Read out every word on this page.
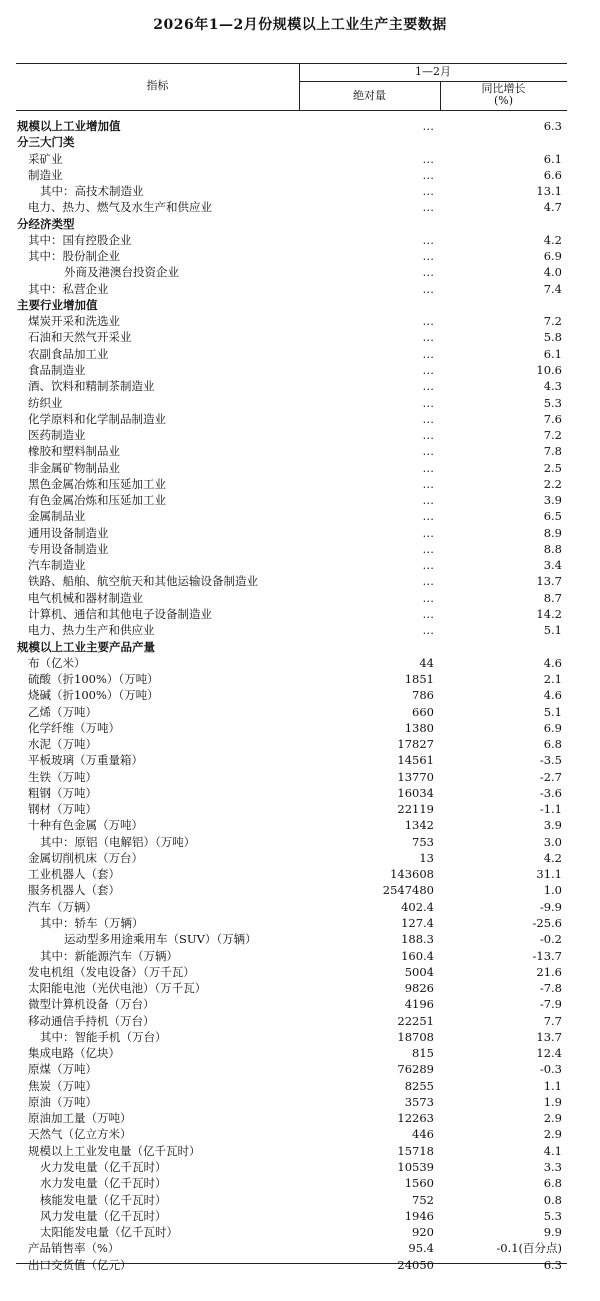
2026年1—2月份规模以上工业生产主要数据
指标
1—2月
绝对量
同比增长
(%)
规模以上工业增加值	…	6.3
分三大门类
采矿业	…	6.1
制造业	…	6.6
其中：高技术制造业	…	13.1
电力、热力、燃气及水生产和供应业	…	4.7
分经济类型
其中：国有控股企业	…	4.2
其中：股份制企业	…	6.9
外商及港澳台投资企业	…	4.0
其中：私营企业	…	7.4
主要行业增加值
煤炭开采和洗选业	…	7.2
石油和天然气开采业	…	5.8
农副食品加工业	…	6.1
食品制造业	…	10.6
酒、饮料和精制茶制造业	…	4.3
纺织业	…	5.3
化学原料和化学制品制造业	…	7.6
医药制造业	…	7.2
橡胶和塑料制品业	…	7.8
非金属矿物制品业	…	2.5
黑色金属冶炼和压延加工业	…	2.2
有色金属冶炼和压延加工业	…	3.9
金属制品业	…	6.5
通用设备制造业	…	8.9
专用设备制造业	…	8.8
汽车制造业	…	3.4
铁路、船舶、航空航天和其他运输设备制造业	…	13.7
电气机械和器材制造业	…	8.7
计算机、通信和其他电子设备制造业	…	14.2
电力、热力生产和供应业	…	5.1
规模以上工业主要产品产量
布（亿米）	44	4.6
硫酸（折100%）（万吨）	1851	2.1
烧碱（折100%）（万吨）	786	4.6
乙烯（万吨）	660	5.1
化学纤维（万吨）	1380	6.9
水泥（万吨）	17827	6.8
平板玻璃（万重量箱）	14561	-3.5
生铁（万吨）	13770	-2.7
粗钢（万吨）	16034	-3.6
钢材（万吨）	22119	-1.1
十种有色金属（万吨）	1342	3.9
其中：原铝（电解铝）（万吨）	753	3.0
金属切削机床（万台）	13	4.2
工业机器人（套）	143608	31.1
服务机器人（套）	2547480	1.0
汽车（万辆）	402.4	-9.9
其中：轿车（万辆）	127.4	-25.6
运动型多用途乘用车（SUV）（万辆）	188.3	-0.2
其中：新能源汽车（万辆）	160.4	-13.7
发电机组（发电设备）（万千瓦）	5004	21.6
太阳能电池（光伏电池）（万千瓦）	9826	-7.8
微型计算机设备（万台）	4196	-7.9
移动通信手持机（万台）	22251	7.7
其中：智能手机（万台）	18708	13.7
集成电路（亿块）	815	12.4
原煤（万吨）	76289	-0.3
焦炭（万吨）	8255	1.1
原油（万吨）	3573	1.9
原油加工量（万吨）	12263	2.9
天然气（亿立方米）	446	2.9
规模以上工业发电量（亿千瓦时）	15718	4.1
火力发电量（亿千瓦时）	10539	3.3
水力发电量（亿千瓦时）	1560	6.8
核能发电量（亿千瓦时）	752	0.8
风力发电量（亿千瓦时）	1946	5.3
太阳能发电量（亿千瓦时）	920	9.9
产品销售率（%）	95.4	-0.1(百分点)
出口交货值（亿元）	24050	6.3
